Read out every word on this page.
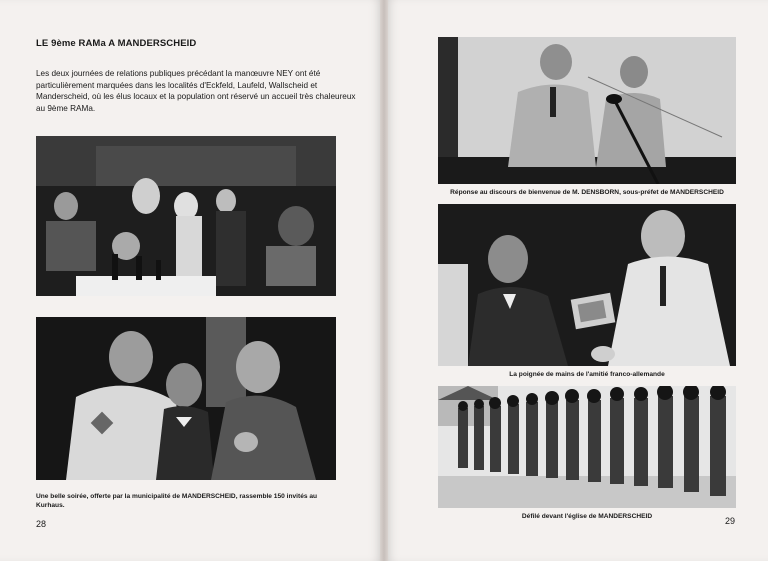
LE 9ème RAMa A MANDERSCHEID
Les deux journées de relations publiques précédant la manœuvre NEY ont été particulièrement marquées dans les localités d'Eckfeld, Laufeld, Wallscheid et Manderscheid, où les élus locaux et la population ont réservé un accueil très chaleureux au 9ème RAMa.
Une belle soirée, offerte par la municipalité de MANDERSCHEID, rassemble 150 invités au Kurhaus.
28
Réponse au discours de bienvenue de M. DENSBORN, sous-préfet de MANDERSCHEID
La poignée de mains de l'amitié franco-allemande
Défilé devant l'église de MANDERSCHEID	29
